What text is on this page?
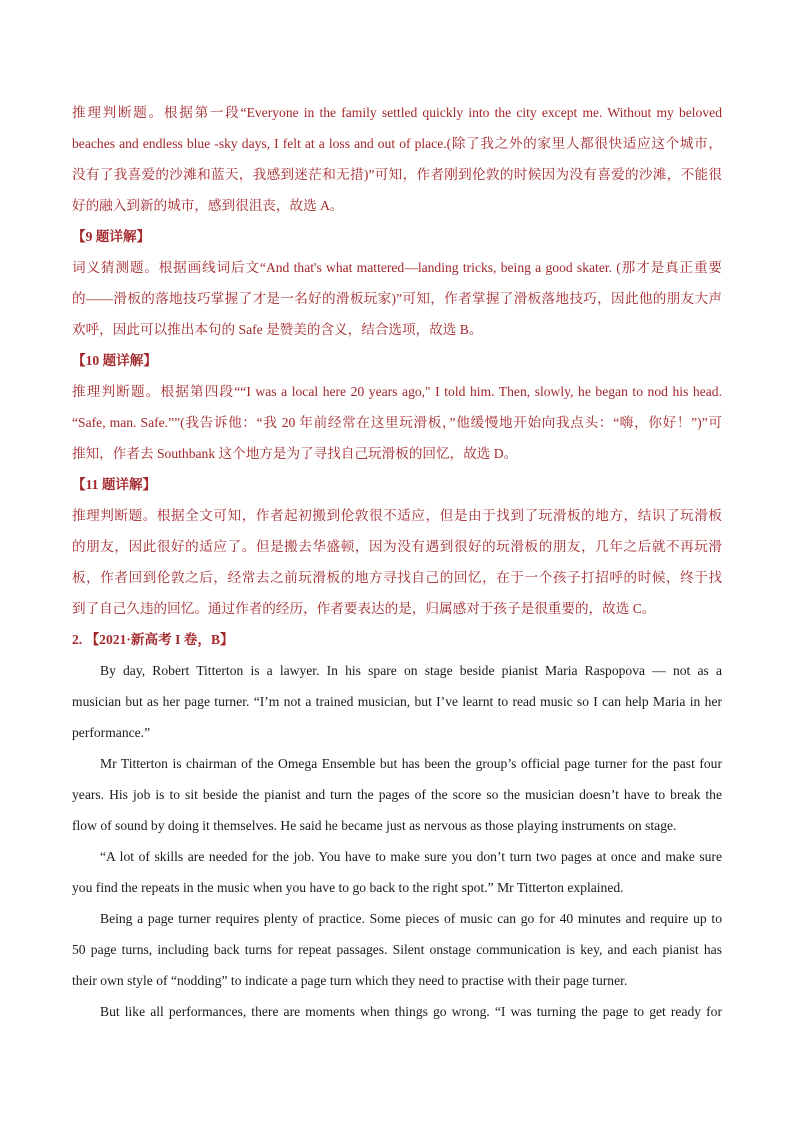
推理判断题。根据第一段“Everyone in the family settled quickly into the city except me. Without my beloved
beaches and endless blue -sky days, I felt at a loss and out of place.(除了我之外的家里人都很快适应这个城市，
没有了我喜爱的沙滩和蓝天，我感到迷茫和无措)”可知，作者刚到伦敦的时候因为没有喜爱的沙滩，不能很
好的融入到新的城市，感到很沮丧，故选 A。
【9 题详解】
词义猜测题。根据画线词后文“And that's what mattered—landing tricks, being a good skater. (那才是真正重要
的——滑板的落地技巧掌握了才是一名好的滑板玩家)”可知，作者掌握了滑板落地技巧，因此他的朋友大声
欢呼，因此可以推出本句的 Safe 是赞美的含义，结合选项，故选 B。
【10 题详解】
推理判断题。根据第四段““I was a local here 20 years ago," I told him. Then, slowly, he began to nod his head.
“Safe, man. Safe.””(我告诉他：“我 20 年前经常在这里玩滑板，”他缓慢地开始向我点头：“嗨，你好！”)”可
推知，作者去 Southbank 这个地方是为了寻找自己玩滑板的回忆，故选 D。
【11 题详解】
推理判断题。根据全文可知，作者起初搬到伦敦很不适应，但是由于找到了玩滑板的地方，结识了玩滑板
的朋友，因此很好的适应了。但是搬去华盛顿，因为没有遇到很好的玩滑板的朋友，几年之后就不再玩滑
板，作者回到伦敦之后，经常去之前玩滑板的地方寻找自己的回忆，在于一个孩子打招呼的时候，终于找
到了自己久违的回忆。通过作者的经历，作者要表达的是，归属感对于孩子是很重要的，故选 C。
2. 【2021·新高考 I 卷，B】
By day, Robert Titterton is a lawyer. In his spare on stage beside pianist Maria Raspopova — not as a
musician but as her page turner. “I’m not a trained musician, but I’ve learnt to read music so I can help Maria in her
performance.”
Mr Titterton is chairman of the Omega Ensemble but has been the group’s official page turner for the past four
years. His job is to sit beside the pianist and turn the pages of the score so the musician doesn’t have to break the
flow of sound by doing it themselves. He said he became just as nervous as those playing instruments on stage.
“A lot of skills are needed for the job. You have to make sure you don’t turn two pages at once and make sure
you find the repeats in the music when you have to go back to the right spot.” Mr Titterton explained.
Being a page turner requires plenty of practice. Some pieces of music can go for 40 minutes and require up to
50 page turns, including back turns for repeat passages. Silent onstage communication is key, and each pianist has
their own style of “nodding” to indicate a page turn which they need to practise with their page turner.
But like all performances, there are moments when things go wrong. “I was turning the page to get ready for
